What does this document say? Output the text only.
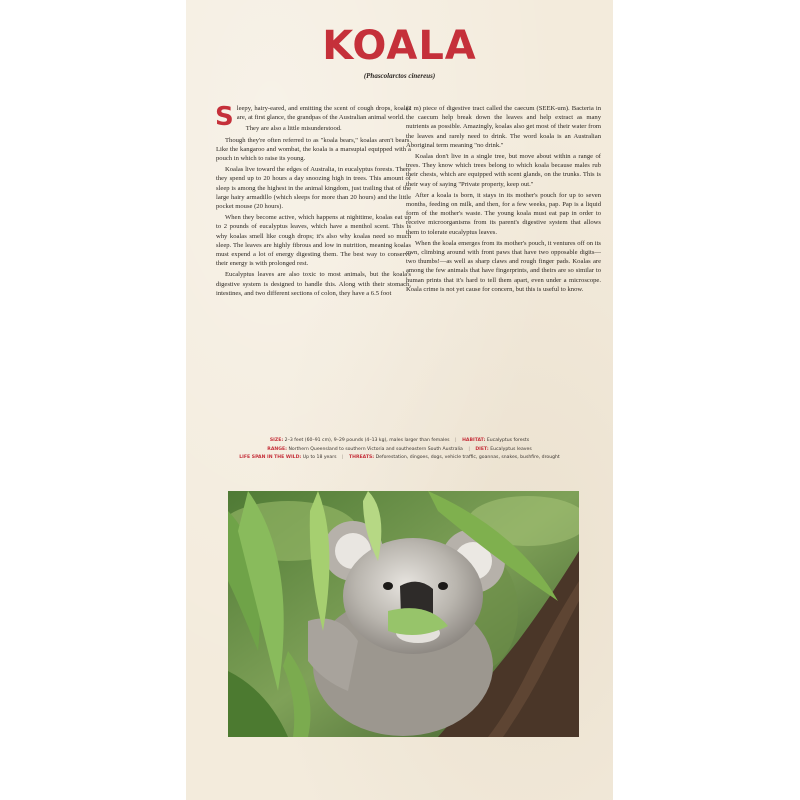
KOALA
(Phascolarctos cinereus)

Sleepy, hairy-eared, and emitting the scent of cough drops, koalas are, at first glance, the grandpas of the Australian animal world.

They are also a little misunderstood.

Though they're often referred to as "koala bears," koalas aren't bears. Like the kangaroo and wombat, the koala is a marsupial equipped with a pouch in which to raise its young.

Koalas live toward the edges of Australia, in eucalyptus forests. There they spend up to 20 hours a day snoozing high in trees. This amount of sleep is among the highest in the animal kingdom, just trailing that of the large hairy armadillo (which sleeps for more than 20 hours) and the little pocket mouse (20 hours).

When they become active, which happens at nighttime, koalas eat up to 2 pounds of eucalyptus leaves, which have a menthol scent. This is why koalas smell like cough drops; it's also why koalas need so much sleep. The leaves are highly fibrous and low in nutrition, meaning koalas must expend a lot of energy digesting them. The best way to conserve their energy is with prolonged rest.

Eucalyptus leaves are also toxic to most animals, but the koala's digestive system is designed to handle this. Along with their stomach, intestines, and two different sections of colon, they have a 6.5 foot

(2 m) piece of digestive tract called the caecum (SEEK-um). Bacteria in the caecum help break down the leaves and help extract as many nutrients as possible. Amazingly, koalas also get most of their water from the leaves and rarely need to drink. The word koala is an Australian Aboriginal term meaning "no drink."

Koalas don't live in a single tree, but move about within a range of trees. They know which trees belong to which koala because males rub their chests, which are equipped with scent glands, on the trunks. This is their way of saying "Private property, keep out."

After a koala is born, it stays in its mother's pouch for up to seven months, feeding on milk, and then, for a few weeks, pap. Pap is a liquid form of the mother's waste. The young koala must eat pap in order to receive microorganisms from its parent's digestive system that allows them to tolerate eucalyptus leaves.

When the koala emerges from its mother's pouch, it ventures off on its own, climbing around with front paws that have two opposable digits—two thumbs!—as well as sharp claws and rough finger pads. Koalas are among the few animals that have fingerprints, and theirs are so similar to human prints that it's hard to tell them apart, even under a microscope. Koala crime is not yet cause for concern, but this is useful to know.

SIZE: 2–3 feet (60–91 cm), 9–29 pounds (4–13 kg), males larger than females | HABITAT: Eucalyptus forests
RANGE: Northern Queensland to southern Victoria and southeastern South Australia | DIET: Eucalyptus leaves
LIFE SPAN IN THE WILD: Up to 18 years | THREATS: Deforestation, dingoes, dogs, vehicle traffic, goannas, snakes, bushfire, drought
